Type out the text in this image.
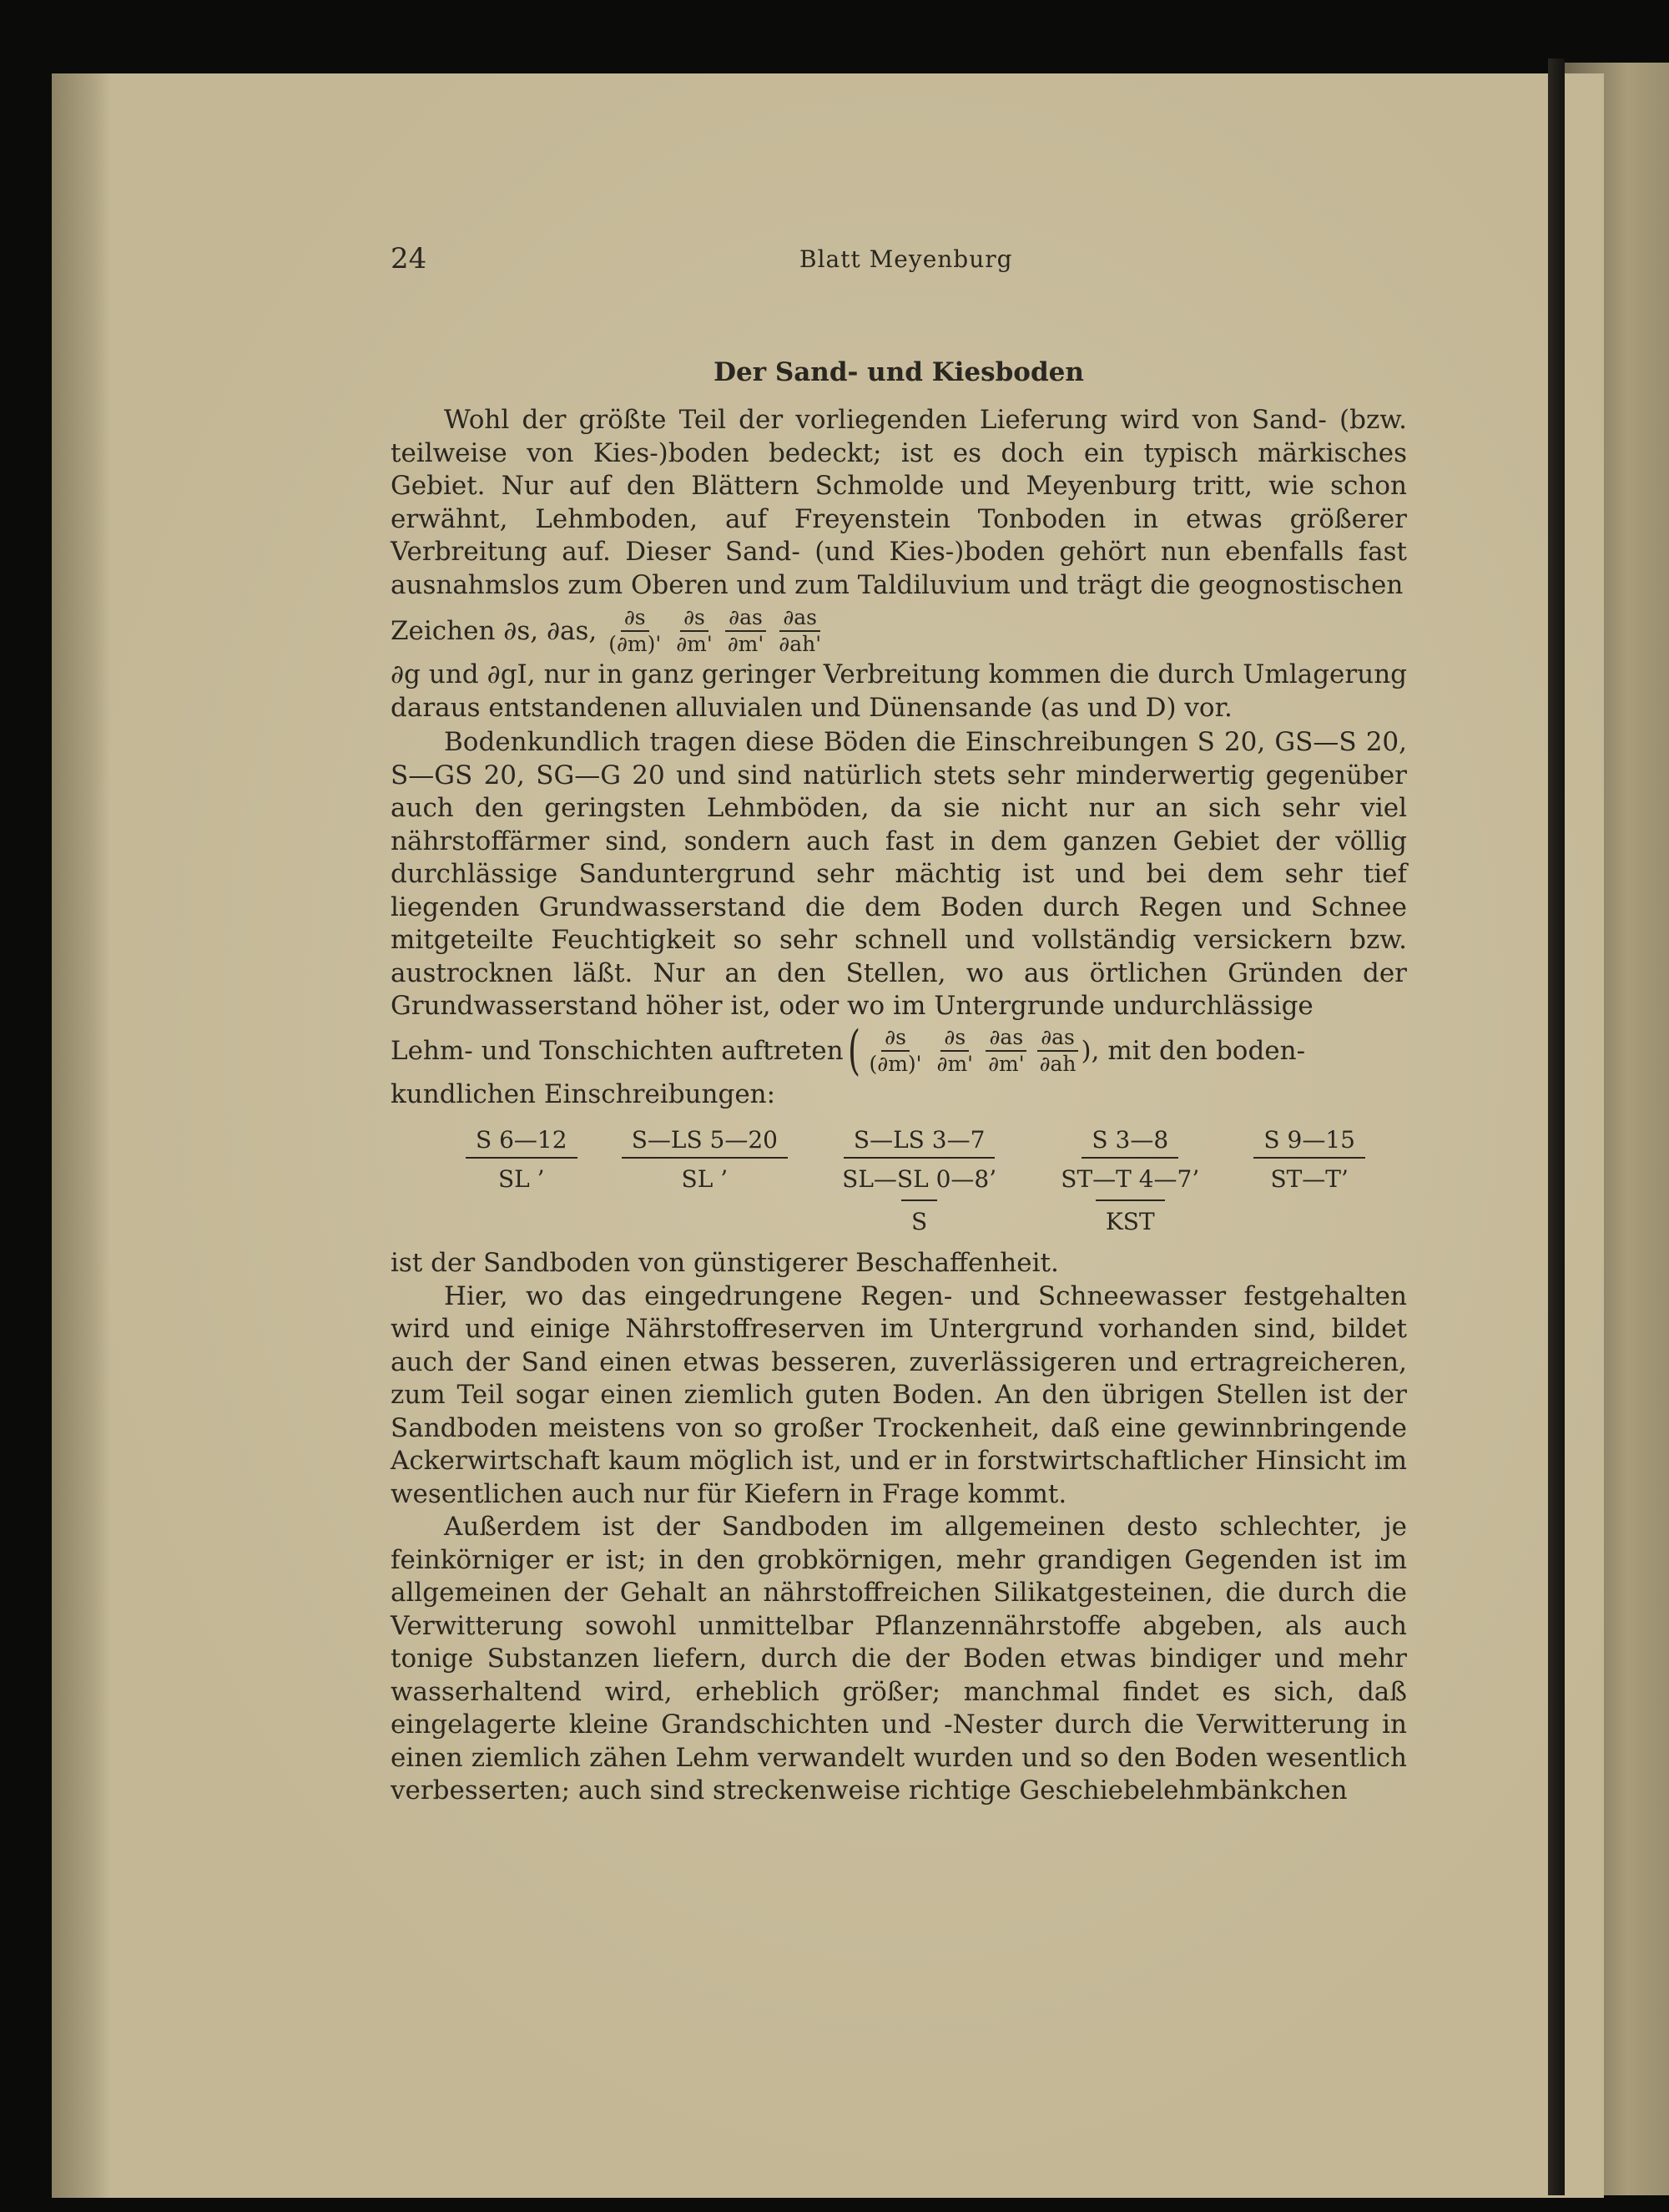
24	Blatt Meyenburg
Der Sand- und Kiesboden

Wohl der größte Teil der vorliegenden Lieferung wird von Sand- (bzw. teilweise von Kies-)boden bedeckt; ist es doch ein typisch märkisches Gebiet. Nur auf den Blättern Schmolde und Meyenburg tritt, wie schon erwähnt, Lehmboden, auf Freyenstein Tonboden in etwas größerer Verbreitung auf. Dieser Sand- (und Kies-)boden gehört nun ebenfalls fast ausnahmslos zum Oberen und zum Taldiluvium und trägt die geognostischen

Zeichen ∂s, ∂as, $\frac{\partial s}{(\partial m)'} \frac{\partial s}{\partial m'} \frac{\partial as}{\partial m'} \frac{\partial as}{\partial ah'}$

∂g und ∂gI, nur in ganz geringer Verbreitung kommen die durch Umlagerung daraus entstandenen alluvialen und Dünensande (as und D) vor.

Bodenkundlich tragen diese Böden die Einschreibungen S 20, GS—S 20, S—GS 20, SG—G 20 und sind natürlich stets sehr minderwertig gegenüber auch den geringsten Lehmböden, da sie nicht nur an sich sehr viel nährstoffärmer sind, sondern auch fast in dem ganzen Gebiet der völlig durchlässige Sanduntergrund sehr mächtig ist und bei dem sehr tief liegenden Grundwasserstand die dem Boden durch Regen und Schnee mitgeteilte Feuchtigkeit so sehr schnell und vollständig versickern bzw. austrocknen läßt. Nur an den Stellen, wo aus örtlichen Gründen der Grundwasserstand höher ist, oder wo im Untergrunde undurchlässige

Lehm- und Tonschichten auftreten ( $\frac{\partial s}{(\partial m)'} \frac{\partial s}{\partial m'} \frac{\partial as}{\partial m'} \frac{\partial as}{\partial ah}$ ), mit den boden-

kundlichen Einschreibungen:

S 6—12
SL ’
S—LS 5—20
SL ’
S—LS 3—7
SL—SL 0—8’
S
S 3—8
ST—T 4—7’
KST
S 9—15
ST—T’

ist der Sandboden von günstigerer Beschaffenheit.

Hier, wo das eingedrungene Regen- und Schneewasser festgehalten wird und einige Nährstoffreserven im Untergrund vorhanden sind, bildet auch der Sand einen etwas besseren, zuverlässigeren und ertragreicheren, zum Teil sogar einen ziemlich guten Boden. An den übrigen Stellen ist der Sandboden meistens von so großer Trockenheit, daß eine gewinnbringende Ackerwirtschaft kaum möglich ist, und er in forstwirtschaftlicher Hinsicht im wesentlichen auch nur für Kiefern in Frage kommt.

Außerdem ist der Sandboden im allgemeinen desto schlechter, je feinkörniger er ist; in den grobkörnigen, mehr grandigen Gegenden ist im allgemeinen der Gehalt an nährstoffreichen Silikatgesteinen, die durch die Verwitterung sowohl unmittelbar Pflanzennährstoffe abgeben, als auch tonige Substanzen liefern, durch die der Boden etwas bindiger und mehr wasserhaltend wird, erheblich größer; manchmal findet es sich, daß eingelagerte kleine Grandschichten und -Nester durch die Verwitterung in einen ziemlich zähen Lehm verwandelt wurden und so den Boden wesentlich verbesserten; auch sind streckenweise richtige Geschiebelehmbänkchen
